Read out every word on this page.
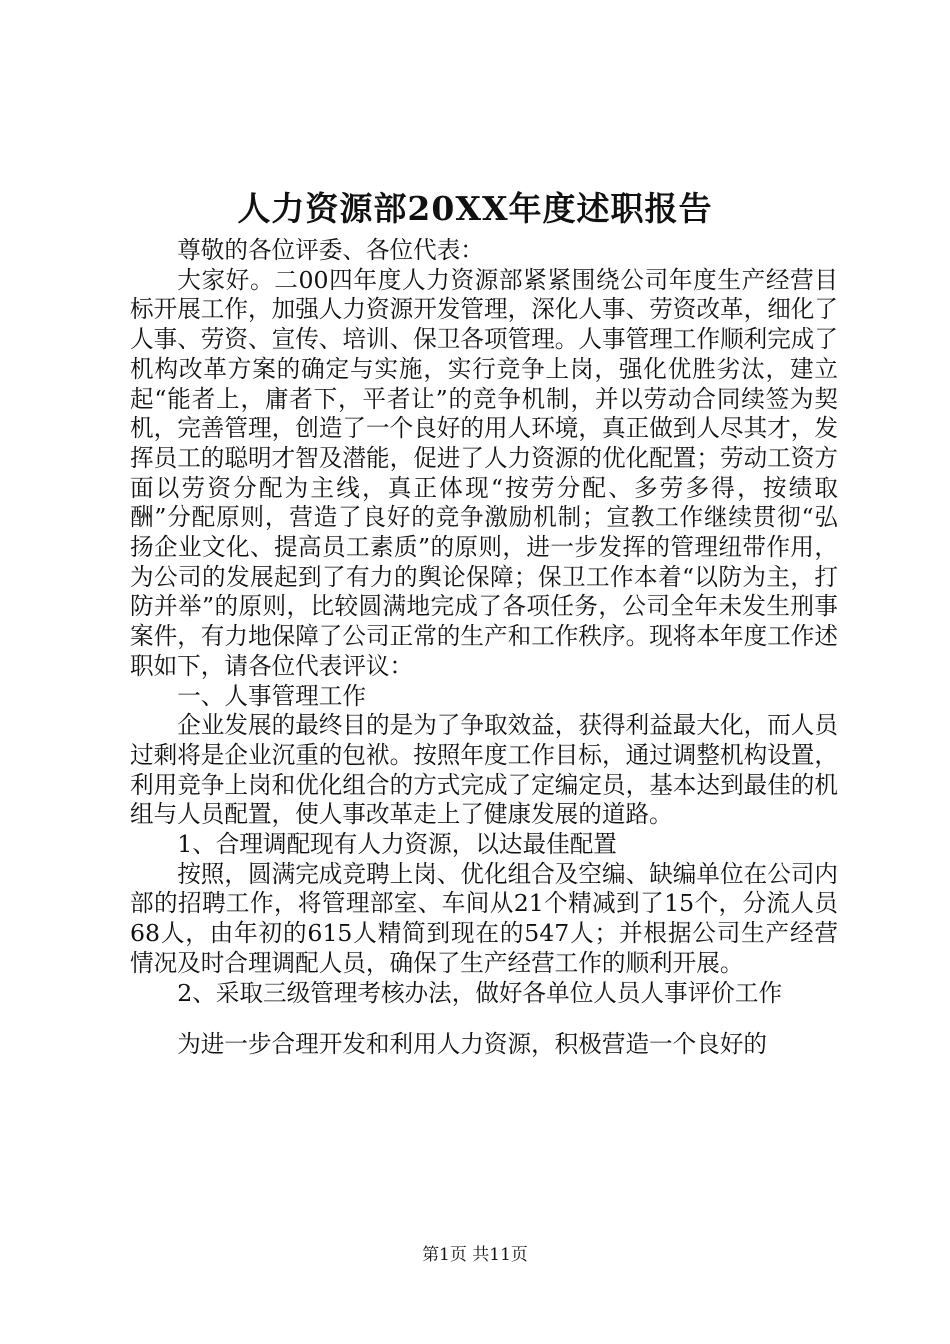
人力资源部20XX年度述职报告

尊敬的各位评委、各位代表：

大家好。二00四年度人力资源部紧紧围绕公司年度生产经营目标开展工作，加强人力资源开发管理，深化人事、劳资改革，细化了人事、劳资、宣传、培训、保卫各项管理。人事管理工作顺利完成了机构改革方案的确定与实施，实行竞争上岗，强化优胜劣汰，建立起“能者上，庸者下，平者让”的竞争机制，并以劳动合同续签为契机，完善管理，创造了一个良好的用人环境，真正做到人尽其才，发挥员工的聪明才智及潜能，促进了人力资源的优化配置；劳动工资方面以劳资分配为主线，真正体现“按劳分配、多劳多得，按绩取酬”分配原则，营造了良好的竞争激励机制；宣教工作继续贯彻“弘扬企业文化、提高员工素质”的原则，进一步发挥的管理纽带作用，为公司的发展起到了有力的舆论保障；保卫工作本着“以防为主，打防并举”的原则，比较圆满地完成了各项任务，公司全年未发生刑事案件，有力地保障了公司正常的生产和工作秩序。现将本年度工作述职如下，请各位代表评议：

一、人事管理工作

企业发展的最终目的是为了争取效益，获得利益最大化，而人员过剩将是企业沉重的包袱。按照年度工作目标，通过调整机构设置，利用竞争上岗和优化组合的方式完成了定编定员，基本达到最佳的机组与人员配置，使人事改革走上了健康发展的道路。

1、合理调配现有人力资源，以达最佳配置

按照，圆满完成竞聘上岗、优化组合及空编、缺编单位在公司内部的招聘工作，将管理部室、车间从21个精减到了15个，分流人员68人，由年初的615人精简到现在的547人；并根据公司生产经营情况及时合理调配人员，确保了生产经营工作的顺利开展。

2、采取三级管理考核办法，做好各单位人员人事评价工作

为进一步合理开发和利用人力资源，积极营造一个良好的

第1页 共11页
